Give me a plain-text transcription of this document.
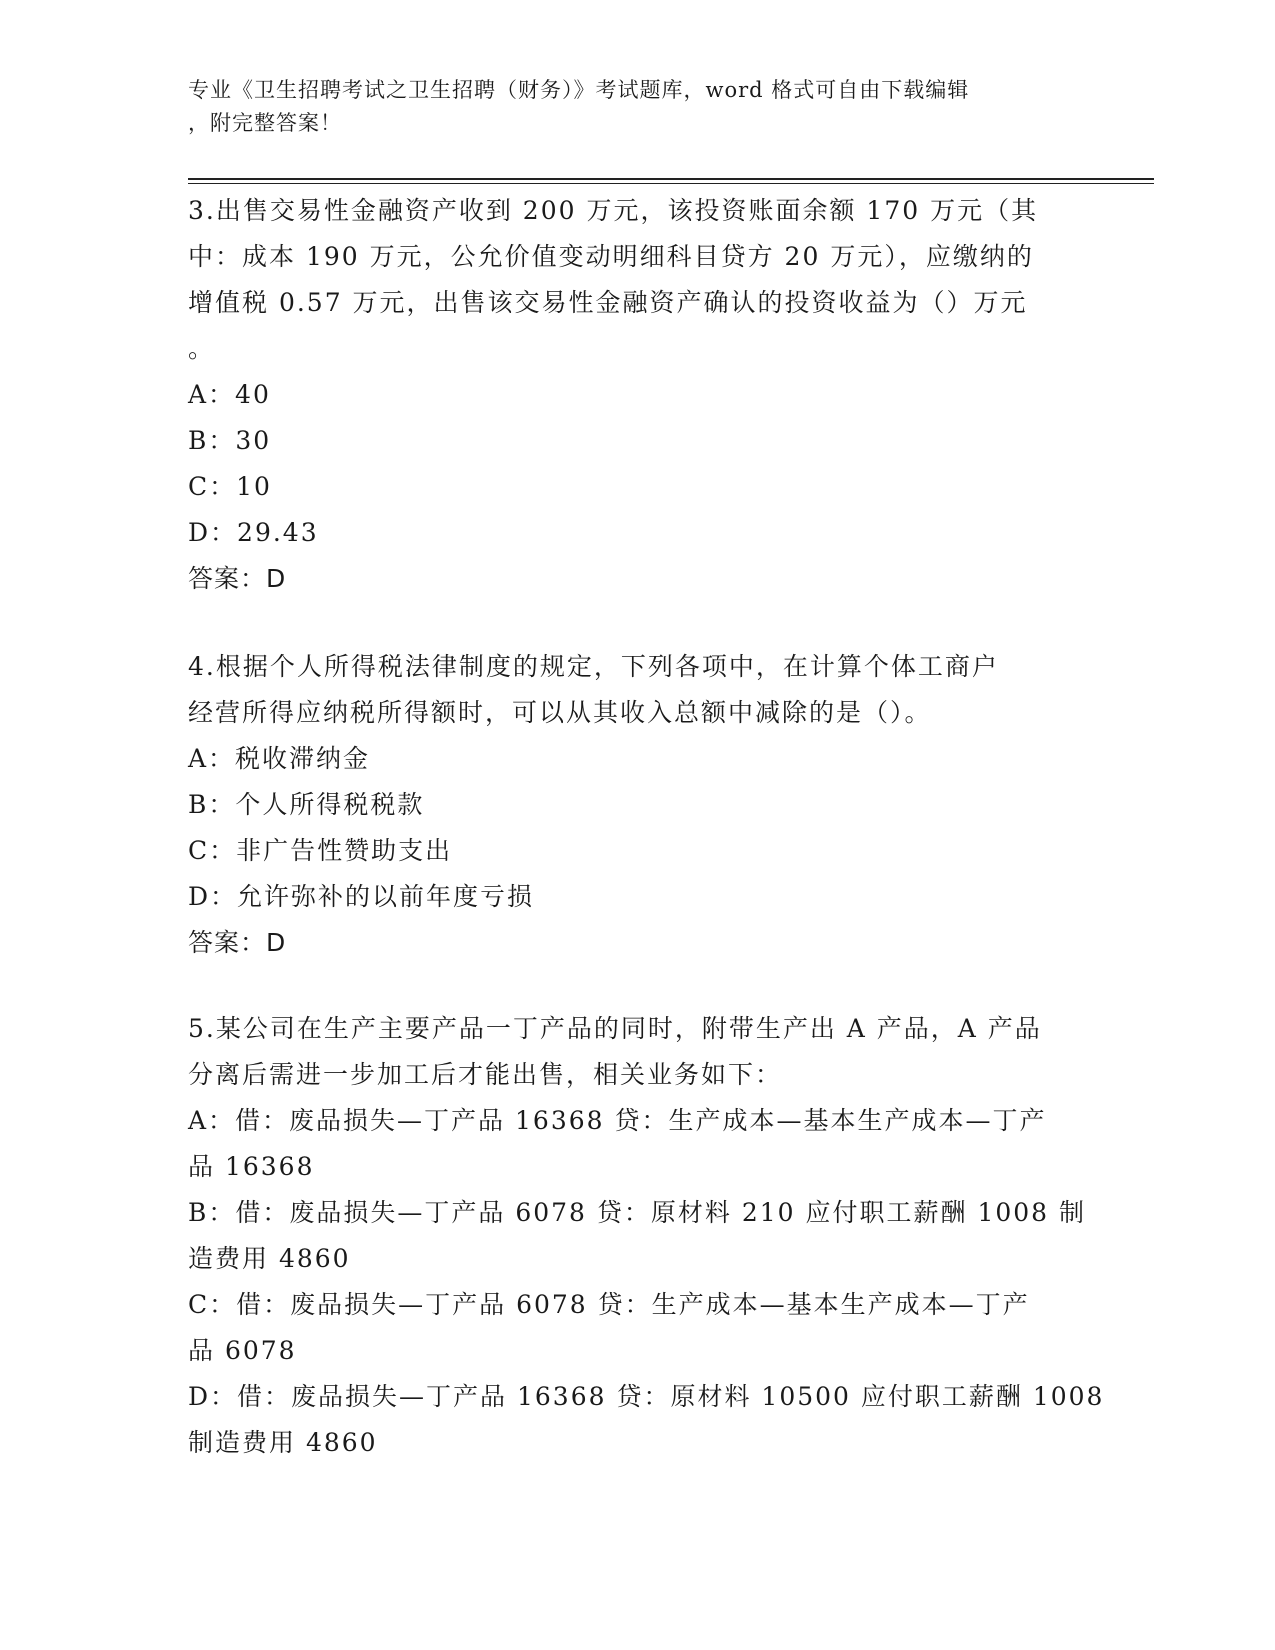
专业《卫生招聘考试之卫生招聘（财务）》考试题库，word 格式可自由下载编辑
，附完整答案！
3.出售交易性金融资产收到 200 万元，该投资账面余额 170 万元（其
中：成本 190 万元，公允价值变动明细科目贷方 20 万元），应缴纳的
增值税 0.57 万元，出售该交易性金融资产确认的投资收益为（）万元
。
A：40
B：30
C：10
D：29.43
答案：D
4.根据个人所得税法律制度的规定，下列各项中，在计算个体工商户
经营所得应纳税所得额时，可以从其收入总额中减除的是（）。
A：税收滞纳金
B：个人所得税税款
C：非广告性赞助支出
D：允许弥补的以前年度亏损
答案：D
5.某公司在生产主要产品一丁产品的同时，附带生产出 A 产品，A 产品
分离后需进一步加工后才能出售，相关业务如下：
A：借：废品损失—丁产品 16368 贷：生产成本—基本生产成本—丁产
品 16368
B：借：废品损失—丁产品 6078 贷：原材料 210 应付职工薪酬 1008 制
造费用 4860
C：借：废品损失—丁产品 6078 贷：生产成本—基本生产成本—丁产
品 6078
D：借：废品损失—丁产品 16368 贷：原材料 10500 应付职工薪酬 1008
制造费用 4860
